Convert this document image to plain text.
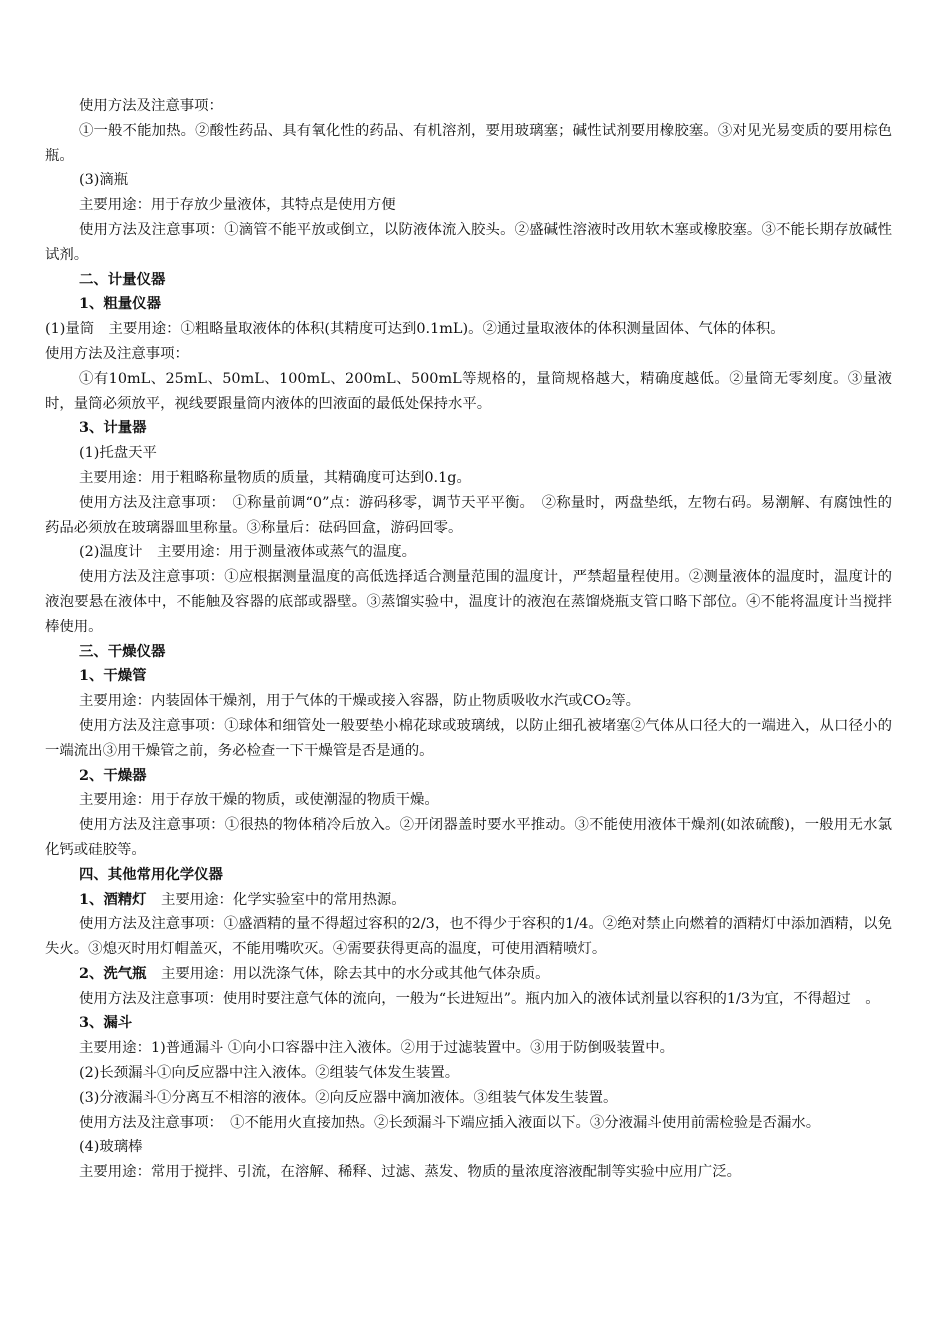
使用方法及注意事项：

①一般不能加热。②酸性药品、具有氧化性的药品、有机溶剂，要用玻璃塞；碱性试剂要用橡胶塞。③对见光易变质的要用棕色瓶。

(3)滴瓶

主要用途：用于存放少量液体，其特点是使用方便

使用方法及注意事项：①滴管不能平放或倒立，以防液体流入胶头。②盛碱性溶液时改用软木塞或橡胶塞。③不能长期存放碱性试剂。

二、计量仪器

1、粗量仪器

(1)量筒　主要用途：①粗略量取液体的体积(其精度可达到0.1mL)。②通过量取液体的体积测量固体、气体的体积。

使用方法及注意事项：

①有10mL、25mL、50mL、100mL、200mL、500mL等规格的，量筒规格越大，精确度越低。②量筒无零刻度。③量液时，量筒必须放平，视线要跟量筒内液体的凹液面的最低处保持水平。

3、计量器

(1)托盘天平

主要用途：用于粗略称量物质的质量，其精确度可达到0.1g。

使用方法及注意事项：　①称量前调“0”点：游码移零，调节天平平衡。　②称量时，两盘垫纸，左物右码。易潮解、有腐蚀性的药品必须放在玻璃器皿里称量。③称量后：砝码回盒，游码回零。

(2)温度计　主要用途：用于测量液体或蒸气的温度。

使用方法及注意事项：①应根据测量温度的高低选择适合测量范围的温度计，严禁超量程使用。②测量液体的温度时，温度计的液泡要悬在液体中，不能触及容器的底部或器壁。③蒸馏实验中，温度计的液泡在蒸馏烧瓶支管口略下部位。④不能将温度计当搅拌棒使用。

三、干燥仪器

1、干燥管

主要用途：内装固体干燥剂，用于气体的干燥或接入容器，防止物质吸收水汽或CO₂等。

使用方法及注意事项：①球体和细管处一般要垫小棉花球或玻璃绒，以防止细孔被堵塞②气体从口径大的一端进入，从口径小的一端流出③用干燥管之前，务必检查一下干燥管是否是通的。

2、干燥器

主要用途：用于存放干燥的物质，或使潮湿的物质干燥。

使用方法及注意事项：①很热的物体稍冷后放入。②开闭器盖时要水平推动。③不能使用液体干燥剂(如浓硫酸)，一般用无水氯化钙或硅胶等。

四、其他常用化学仪器

1、酒精灯　主要用途：化学实验室中的常用热源。

使用方法及注意事项：①盛酒精的量不得超过容积的2/3，也不得少于容积的1/4。②绝对禁止向燃着的酒精灯中添加酒精，以免失火。③熄灭时用灯帽盖灭，不能用嘴吹灭。④需要获得更高的温度，可使用酒精喷灯。

2、洗气瓶　主要用途：用以洗涤气体，除去其中的水分或其他气体杂质。

使用方法及注意事项：使用时要注意气体的流向，一般为“长进短出”。瓶内加入的液体试剂量以容积的1/3为宜，不得超过　。

3、漏斗

主要用途：1)普通漏斗 ①向小口容器中注入液体。②用于过滤装置中。③用于防倒吸装置中。

(2)长颈漏斗①向反应器中注入液体。②组装气体发生装置。

(3)分液漏斗①分离互不相溶的液体。②向反应器中滴加液体。③组装气体发生装置。

使用方法及注意事项：　①不能用火直接加热。②长颈漏斗下端应插入液面以下。③分液漏斗使用前需检验是否漏水。

(4)玻璃棒

主要用途：常用于搅拌、引流，在溶解、稀释、过滤、蒸发、物质的量浓度溶液配制等实验中应用广泛。
